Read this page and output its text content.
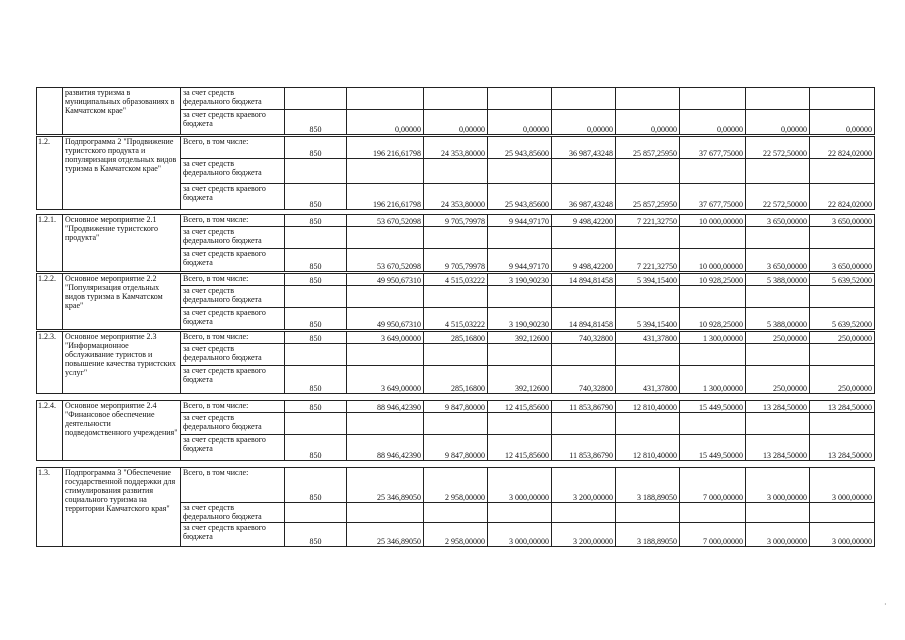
	развития туризма в муниципальных образованиях в Камчатском крае"	за счет средств федерального бюджета									
		за счет средств краевого бюджета	850	0,00000	0,00000	0,00000	0,00000	0,00000	0,00000	0,00000	0,00000

1.2.	Подпрограмма 2 "Продвижение туристского продукта и популяризация отдельных видов туризма в Камчатском крае"	Всего, в том числе:	850	196 216,61798	24 353,80000	25 943,85600	36 987,43248	25 857,25950	37 677,75000	22 572,50000	22 824,02000
		за счет средств федерального бюджета									
		за счет средств краевого бюджета	850	196 216,61798	24 353,80000	25 943,85600	36 987,43248	25 857,25950	37 677,75000	22 572,50000	22 824,02000

1.2.1.	Основное мероприятие 2.1 "Продвижение туристского продукта"	Всего, в том числе:	850	53 670,52098	9 705,79978	9 944,97170	9 498,42200	7 221,32750	10 000,00000	3 650,00000	3 650,00000
		за счет средств федерального бюджета									
		за счет средств краевого бюджета	850	53 670,52098	9 705,79978	9 944,97170	9 498,42200	7 221,32750	10 000,00000	3 650,00000	3 650,00000

1.2.2.	Основное мероприятие 2.2 "Популяризация отдельных видов туризма в Камчатском крае"	Всего, в том числе:	850	49 950,67310	4 515,03222	3 190,90230	14 894,81458	5 394,15400	10 928,25000	5 388,00000	5 639,52000
		за счет средств федерального бюджета									
		за счет средств краевого бюджета	850	49 950,67310	4 515,03222	3 190,90230	14 894,81458	5 394,15400	10 928,25000	5 388,00000	5 639,52000

1.2.3.	Основное мероприятие 2.3 "Информационное обслуживание туристов и повышение качества туристских услуг"	Всего, в том числе:	850	3 649,00000	285,16800	392,12600	740,32800	431,37800	1 300,00000	250,00000	250,00000
		за счет средств федерального бюджета									
		за счет средств краевого бюджета	850	3 649,00000	285,16800	392,12600	740,32800	431,37800	1 300,00000	250,00000	250,00000

1.2.4.	Основное мероприятие 2.4 "Финансовое обеспечение деятельности подведомственного учреждения"	Всего, в том числе:	850	88 946,42390	9 847,80000	12 415,85600	11 853,86790	12 810,40000	15 449,50000	13 284,50000	13 284,50000
		за счет средств федерального бюджета									
		за счет средств краевого бюджета	850	88 946,42390	9 847,80000	12 415,85600	11 853,86790	12 810,40000	15 449,50000	13 284,50000	13 284,50000

1.3.	Подпрограмма 3 "Обеспечение государственной поддержки для стимулирования развития социального туризма на территории Камчатского края"	Всего, в том числе:	850	25 346,89050	2 958,00000	3 000,00000	3 200,00000	3 188,89050	7 000,00000	3 000,00000	3 000,00000
		за счет средств федерального бюджета									
		за счет средств краевого бюджета	850	25 346,89050	2 958,00000	3 000,00000	3 200,00000	3 188,89050	7 000,00000	3 000,00000	3 000,00000
·
